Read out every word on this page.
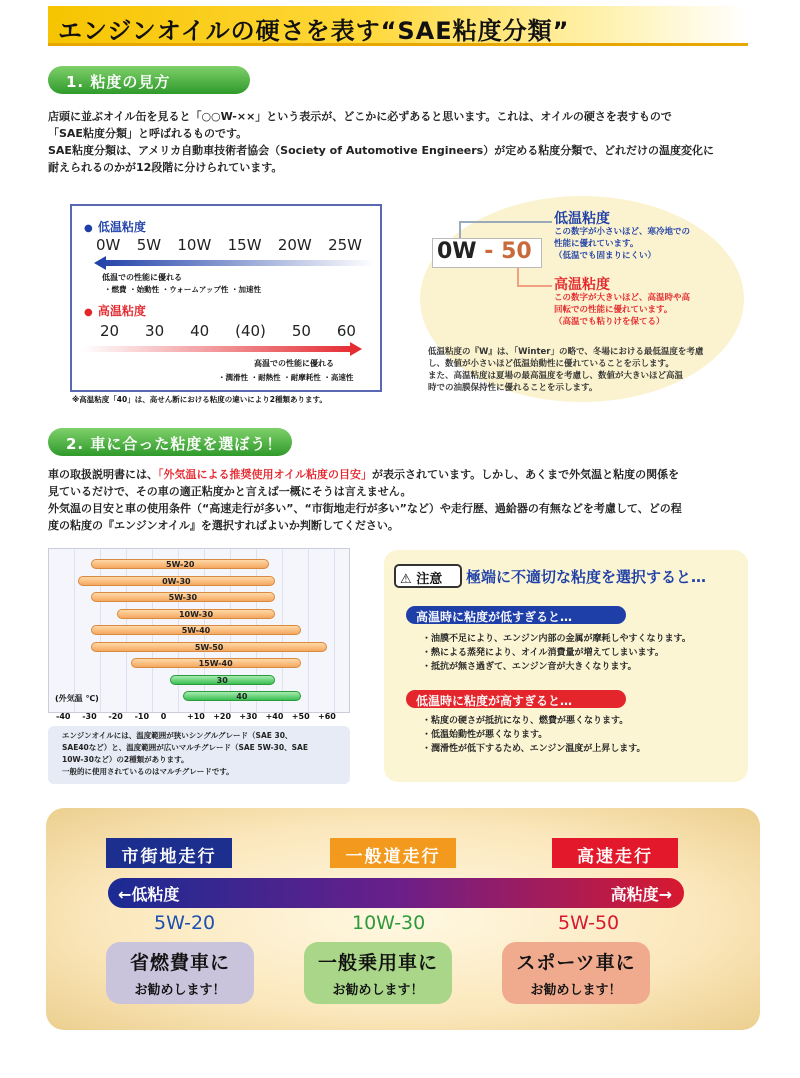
エンジンオイルの硬さを表す“SAE粘度分類”
1. 粘度の見方
店頭に並ぶオイル缶を見ると「○○W-××」という表示が、どこかに必ずあると思います。これは、オイルの硬さを表すもので
「SAE粘度分類」と呼ばれるものです。
SAE粘度分類は、アメリカ自動車技術者協会（Society of Automotive Engineers）が定める粘度分類で、どれだけの温度変化に
耐えられるのかが12段階に分けられています。
● 低温粘度
0W 5W 10W 15W 20W 25W
低温での性能に優れる
・燃費 ・始動性 ・ウォームアップ性 ・加速性
● 高温粘度
20 30 40 (40) 50 60
高温での性能に優れる
・潤滑性 ・耐熱性 ・耐摩耗性 ・高速性
※高温粘度「40」は、高せん断における粘度の違いにより2種類あります。
0W - 50
低温粘度
この数字が小さいほど、寒冷地での
性能に優れています。
（低温でも固まりにくい）
高温粘度
この数字が大きいほど、高温時や高
回転での性能に優れています。
（高温でも粘りけを保てる）
低温粘度の『W』は、「Winter」の略で、冬場における最低温度を考慮
し、数値が小さいほど低温始動性に優れていることを示します。
また、高温粘度は夏場の最高温度を考慮し、数値が大きいほど高温
時での油膜保持性に優れることを示します。
2. 車に合った粘度を選ぼう！
車の取扱説明書には、「外気温による推奨使用オイル粘度の目安」が表示されています。しかし、あくまで外気温と粘度の関係を
見ているだけで、その車の適正粘度かと言えば一概にそうは言えません。
外気温の目安と車の使用条件（“高速走行が多い”、“市街地走行が多い”など）や走行歴、過給器の有無などを考慮して、どの程
度の粘度の『エンジンオイル』を選択すればよいか判断してください。
5W-20
0W-30
5W-30
10W-30
5W-40
5W-50
15W-40
30
40
(外気温 ℃)
-40 -30 -20 -10 0	+10 +20 +30 +40 +50 +60
エンジンオイルには、温度範囲が狭いシングルグレード（SAE 30、
SAE40など）と、温度範囲が広いマルチグレード（SAE 5W-30、SAE
10W-30など）の2種類があります。
一般的に使用されているのはマルチグレードです。
⚠ 注意	極端に不適切な粘度を選択すると…
高温時に粘度が低すぎると…
・油膜不足により、エンジン内部の金属が摩耗しやすくなります。
・熱による蒸発により、オイル消費量が増えてしまいます。
・抵抗が無さ過ぎて、エンジン音が大きくなります。
低温時に粘度が高すぎると…
・粘度の硬さが抵抗になり、燃費が悪くなります。
・低温始動性が悪くなります。
・潤滑性が低下するため、エンジン温度が上昇します。
市街地走行	一般道走行	高速走行
←低粘度	高粘度→
5W-20	10W-30	5W-50
省燃費車に
お勧めします！
一般乗用車に
お勧めします！
スポーツ車に
お勧めします！
